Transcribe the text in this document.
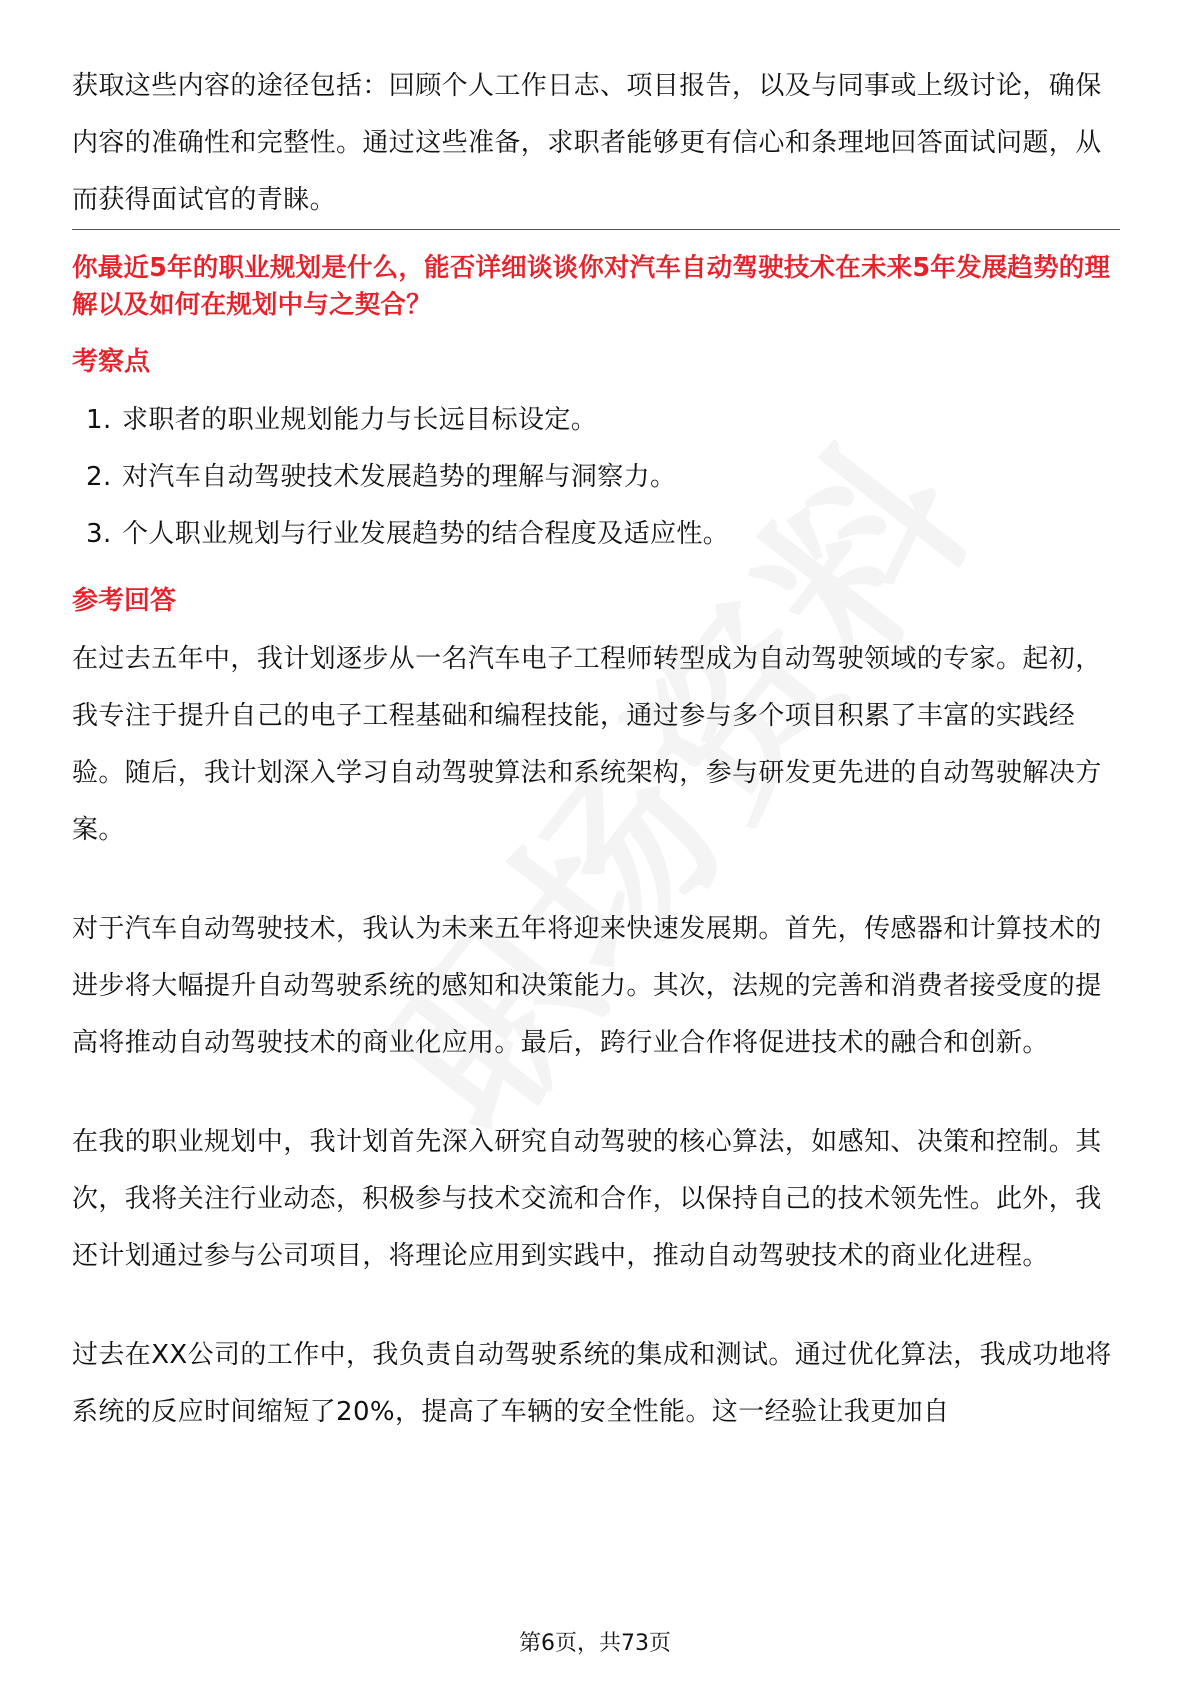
获取这些内容的途径包括：回顾个人工作日志、项目报告，以及与同事或上级讨论，确保内容的准确性和完整性。通过这些准备，求职者能够更有信心和条理地回答面试问题，从而获得面试官的青睐。

你最近5年的职业规划是什么，能否详细谈谈你对汽车自动驾驶技术在未来5年发展趋势的理解以及如何在规划中与之契合？

考察点

1. 求职者的职业规划能力与长远目标设定。
2. 对汽车自动驾驶技术发展趋势的理解与洞察力。
3. 个人职业规划与行业发展趋势的结合程度及适应性。

参考回答

在过去五年中，我计划逐步从一名汽车电子工程师转型成为自动驾驶领域的专家。起初，我专注于提升自己的电子工程基础和编程技能，通过参与多个项目积累了丰富的实践经验。随后，我计划深入学习自动驾驶算法和系统架构，参与研发更先进的自动驾驶解决方案。

对于汽车自动驾驶技术，我认为未来五年将迎来快速发展期。首先，传感器和计算技术的进步将大幅提升自动驾驶系统的感知和决策能力。其次，法规的完善和消费者接受度的提高将推动自动驾驶技术的商业化应用。最后，跨行业合作将促进技术的融合和创新。

在我的职业规划中，我计划首先深入研究自动驾驶的核心算法，如感知、决策和控制。其次，我将关注行业动态，积极参与技术交流和合作，以保持自己的技术领先性。此外，我还计划通过参与公司项目，将理论应用到实践中，推动自动驾驶技术的商业化进程。

过去在XX公司的工作中，我负责自动驾驶系统的集成和测试。通过优化算法，我成功地将系统的反应时间缩短了20%，提高了车辆的安全性能。这一经验让我更加自

第6页，共73页
